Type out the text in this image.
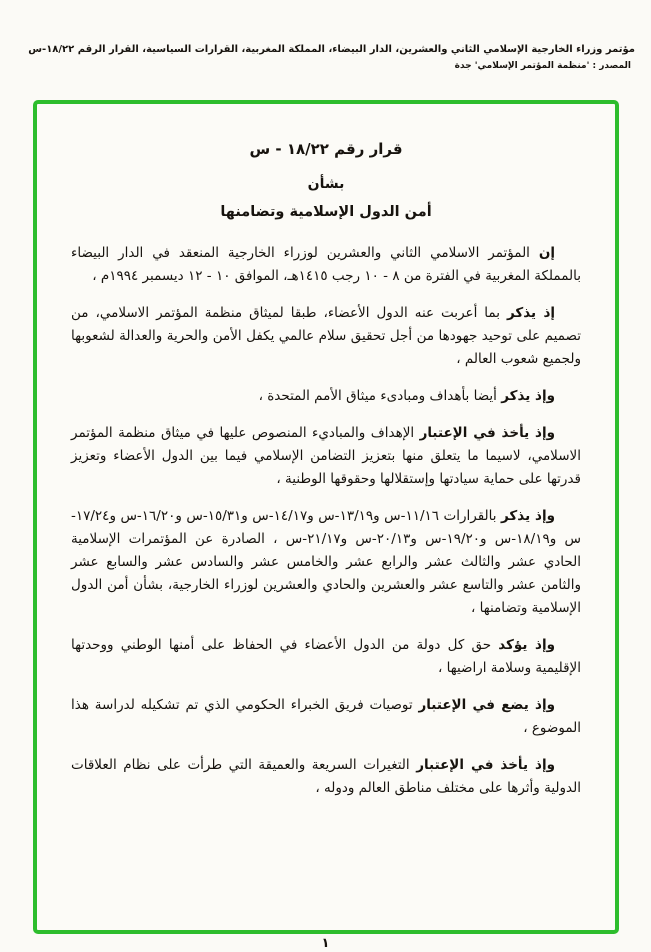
مؤتمر وزراء الخارجية الإسلامي الثاني والعشرين، الدار البيضاء، المملكة المغربية، القرارات السياسية، القرار الرقم ١٨/٢٢-س
المصدر : 'منظمة المؤتمر الإسلامي' جدة
قرار رقم ١٨/٢٢ - س
بشأن
أمن الدول الإسلامية وتضامنها

إن المؤتمر الاسلامي الثاني والعشرين لوزراء الخارجية المنعقد في الدار البيضاء بالمملكة المغربية في الفترة من ٨ - ١٠ رجب ١٤١٥هـ، الموافق ١٠ - ١٢ ديسمبر ١٩٩٤م ،

إذ يذكر بما أعربت عنه الدول الأعضاء، طبقا لميثاق منظمة المؤتمر الاسلامي، من تصميم على توحيد جهودها من أجل تحقيق سلام عالمي يكفل الأمن والحرية والعدالة لشعوبها ولجميع شعوب العالم ،

وإذ يذكر أيضا بأهداف ومبادىء ميثاق الأمم المتحدة ،

وإذ يأخذ في الإعتبار الإهداف والمباديء المنصوص عليها في ميثاق منظمة المؤتمر الاسلامي، لاسيما ما يتعلق منها بتعزيز التضامن الإسلامي فيما بين الدول الأعضاء وتعزيز قدرتها على حماية سيادتها وإستقلالها وحقوقها الوطنية ،

وإذ يذكر بالقرارات ١١/١٦-س و١٣/١٩-س و١٤/١٧-س و١٥/٣١-س و١٦/٢٠-س و١٧/٢٤-س و١٨/١٩-س و١٩/٢٠-س و٢٠/١٣-س و٢١/١٧-س ، الصادرة عن المؤتمرات الإسلامية الحادي عشر والثالث عشر والرابع عشر والخامس عشر والسادس عشر والسابع عشر والثامن عشر والتاسع عشر والعشرين والحادي والعشرين لوزراء الخارجية، بشأن أمن الدول الإسلامية وتضامنها ،

وإذ يؤكد حق كل دولة من الدول الأعضاء في الحفاظ على أمنها الوطني ووحدتها الإقليمية وسلامة اراضيها ،

وإذ يضع في الإعتبار توصيات فريق الخبراء الحكومي الذي تم تشكيله لدراسة هذا الموضوع ،

وإذ يأخذ في الإعتبار التغيرات السريعة والعميقة التي طرأت على نظام العلاقات الدولية وأثرها على مختلف مناطق العالم ودوله ،

١
